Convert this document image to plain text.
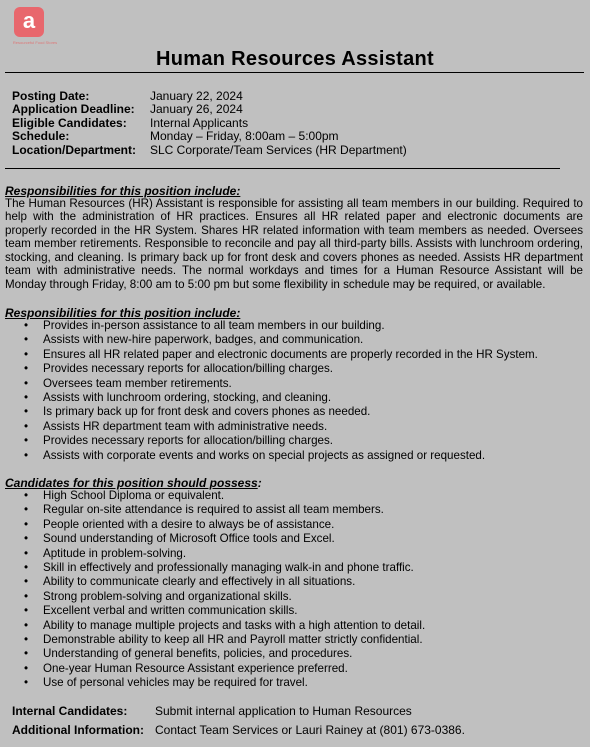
a
Resourceful Food Stores
Human Resources Assistant
Posting Date:	January 22, 2024
Application Deadline: January 26, 2024
Eligible Candidates: Internal Applicants
Schedule:	Monday – Friday, 8:00am – 5:00pm
Location/Department: SLC Corporate/Team Services (HR Department)
Responsibilities for this position include:
The Human Resources (HR) Assistant is responsible for assisting all team members in our building. Required to help with the administration of HR practices. Ensures all HR related paper and electronic documents are properly recorded in the HR System. Shares HR related information with team members as needed. Oversees team member retirements. Responsible to reconcile and pay all third-party bills. Assists with lunchroom ordering, stocking, and cleaning. Is primary back up for front desk and covers phones as needed. Assists HR department team with administrative needs. The normal workdays and times for a Human Resource Assistant will be Monday through Friday, 8:00 am to 5:00 pm but some flexibility in schedule may be required, or available.
Responsibilities for this position include:
• Provides in-person assistance to all team members in our building.
• Assists with new-hire paperwork, badges, and communication.
• Ensures all HR related paper and electronic documents are properly recorded in the HR System.
• Provides necessary reports for allocation/billing charges.
• Oversees team member retirements.
• Assists with lunchroom ordering, stocking, and cleaning.
• Is primary back up for front desk and covers phones as needed.
• Assists HR department team with administrative needs.
• Provides necessary reports for allocation/billing charges.
• Assists with corporate events and works on special projects as assigned or requested.
Candidates for this position should possess:
• High School Diploma or equivalent.
• Regular on-site attendance is required to assist all team members.
• People oriented with a desire to always be of assistance.
• Sound understanding of Microsoft Office tools and Excel.
• Aptitude in problem-solving.
• Skill in effectively and professionally managing walk-in and phone traffic.
• Ability to communicate clearly and effectively in all situations.
• Strong problem-solving and organizational skills.
• Excellent verbal and written communication skills.
• Ability to manage multiple projects and tasks with a high attention to detail.
• Demonstrable ability to keep all HR and Payroll matter strictly confidential.
• Understanding of general benefits, policies, and procedures.
• One-year Human Resource Assistant experience preferred.
• Use of personal vehicles may be required for travel.
Internal Candidates: Submit internal application to Human Resources
Additional Information: Contact Team Services or Lauri Rainey at (801) 673-0386.
